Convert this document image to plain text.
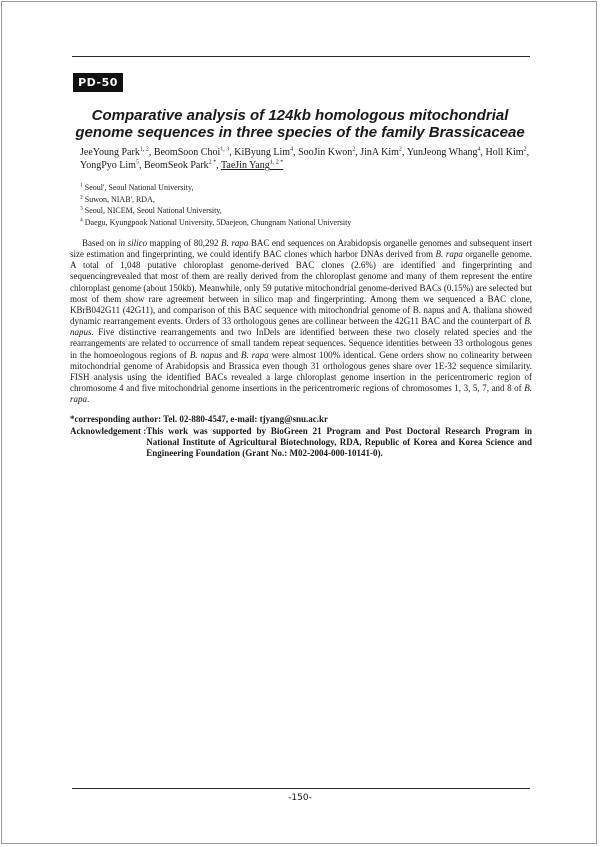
PD-50
Comparative analysis of 124kb homologous mitochondrial
genome sequences in three species of the family Brassicaceae
JeeYoung Park$^{1, 2}$, BeomSoon Choi$^{1, 3}$, KiByung Lim$^4$, SooJin Kwon$^2$, JinA Kim$^2$, YunJeong Whang$^4$, Holl Kim$^2$, YongPyo Lim$^5$, BeomSeok Park$^{2 *}$, TaeJin Yang$^{1, 2 *}$
$^1$ Seoul', Seoul National University,
$^2$ Suwon, NIAB', RDA,
$^3$ Seoul, NICEM, Seoul National University,
$^4$ Daegu, Kyungpook National University, 5Daejeon, Chungnam National University

Based on in silico mapping of 80,292 B. rapa BAC end sequences on Arabidopsis organelle genomes and subsequent insert size estimation and fingerprinting, we could identify BAC clones which harbor DNAs derived from B. rapa organelle genome. A total of 1,048 putative chloroplast genome-derived BAC clones (2.6%) are identified and fingerprinting and sequencingrevealed that most of them are really derived from the chloroplast genome and many of them represent the entire chloroplast genome (about 150kb). Meanwhile, only 59 putative mitochondrial genome-derived BACs (0.15%) are selected but most of them show rare agreement between in silico map and fingerprinting. Among them we sequenced a BAC clone, KBrB042G11 (42G11), and comparison of this BAC sequence with mitochondrial genome of B. napus and A. thaliana showed dynamic rearrangement events. Orders of 33 orthologous genes are collinear between the 42G11 BAC and the counterpart of B. napus. Five distinctive rearrangements and two InDels are identified between these two closely related species and the rearrangements are related to occurrence of small tandem repeat sequences. Sequence identities between 33 orthologous genes in the homoeologous regions of B. napus and B. rapa were almost 100% identical. Gene orders show no colinearity between mitochondrial genome of Arabidopsis and Brassica even though 31 orthologous genes share over 1E-32 sequence similarity. FISH analysis using the identified BACs revealed a large chloroplast genome insertion in the pericentromeric region of chromosome 4 and five mitochondrial genome insertions in the pericentromeric regions of chromosomes 1, 3, 5, 7, and 8 of B. rapa.

*corresponding author: Tel. 02-880-4547, e-mail: tjyang@snu.ac.kr
Acknowledgement : This work was supported by BioGreen 21 Program and Post Doctoral Research Program in National Institute of Agricultural Biotechnology, RDA, Republic of Korea and Korea Science and Engineering Foundation (Grant No.: M02-2004-000-10141-0).
-150-
